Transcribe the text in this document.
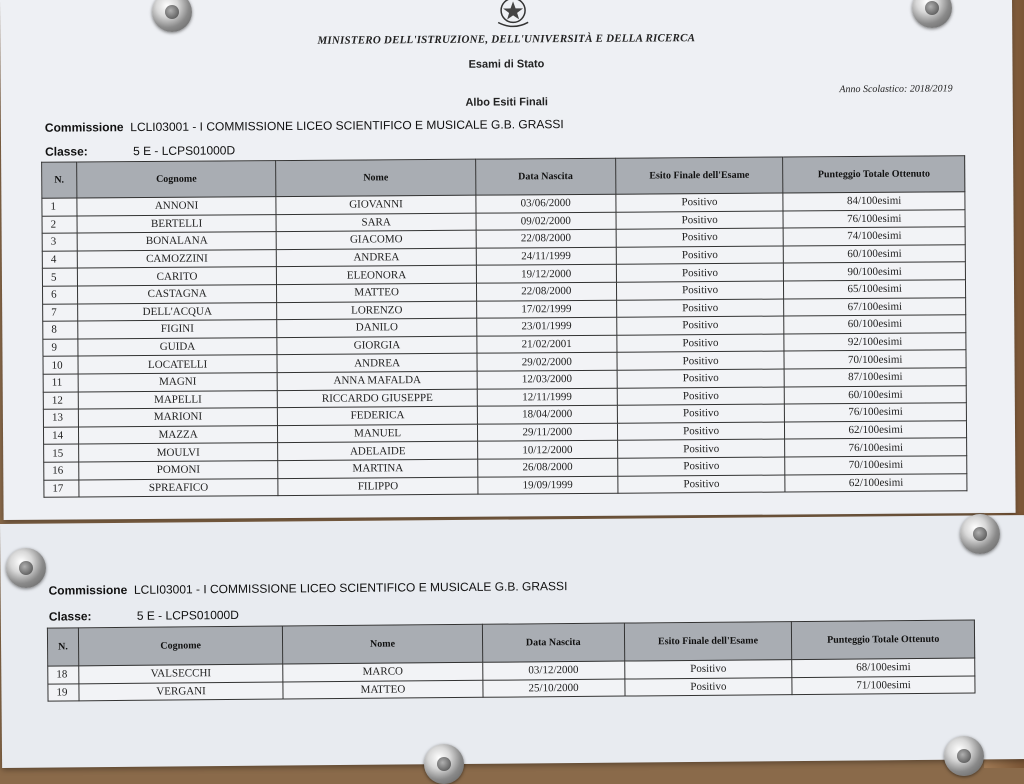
MINISTERO DELL'ISTRUZIONE, DELL'UNIVERSITÀ E DELLA RICERCA
Esami di Stato
Anno Scolastico: 2018/2019
Albo Esiti Finali
Commissione LCLI03001 - I COMMISSIONE LICEO SCIENTIFICO E MUSICALE G.B. GRASSI
Classe:	5 E - LCPS01000D
N.	Cognome	Nome	Data Nascita	Esito Finale dell'Esame	Punteggio Totale Ottenuto
1	ANNONI	GIOVANNI	03/06/2000	Positivo	84/100esimi
2	BERTELLI	SARA	09/02/2000	Positivo	76/100esimi
3	BONALANA	GIACOMO	22/08/2000	Positivo	74/100esimi
4	CAMOZZINI	ANDREA	24/11/1999	Positivo	60/100esimi
5	CARITO	ELEONORA	19/12/2000	Positivo	90/100esimi
6	CASTAGNA	MATTEO	22/08/2000	Positivo	65/100esimi
7	DELL'ACQUA	LORENZO	17/02/1999	Positivo	67/100esimi
8	FIGINI	DANILO	23/01/1999	Positivo	60/100esimi
9	GUIDA	GIORGIA	21/02/2001	Positivo	92/100esimi
10	LOCATELLI	ANDREA	29/02/2000	Positivo	70/100esimi
11	MAGNI	ANNA MAFALDA	12/03/2000	Positivo	87/100esimi
12	MAPELLI	RICCARDO GIUSEPPE	12/11/1999	Positivo	60/100esimi
13	MARIONI	FEDERICA	18/04/2000	Positivo	76/100esimi
14	MAZZA	MANUEL	29/11/2000	Positivo	62/100esimi
15	MOULVI	ADELAIDE	10/12/2000	Positivo	76/100esimi
16	POMONI	MARTINA	26/08/2000	Positivo	70/100esimi
17	SPREAFICO	FILIPPO	19/09/1999	Positivo	62/100esimi
Commissione LCLI03001 - I COMMISSIONE LICEO SCIENTIFICO E MUSICALE G.B. GRASSI
Classe:	5 E - LCPS01000D
N.	Cognome	Nome	Data Nascita	Esito Finale dell'Esame	Punteggio Totale Ottenuto
18	VALSECCHI	MARCO	03/12/2000	Positivo	68/100esimi
19	VERGANI	MATTEO	25/10/2000	Positivo	71/100esimi
